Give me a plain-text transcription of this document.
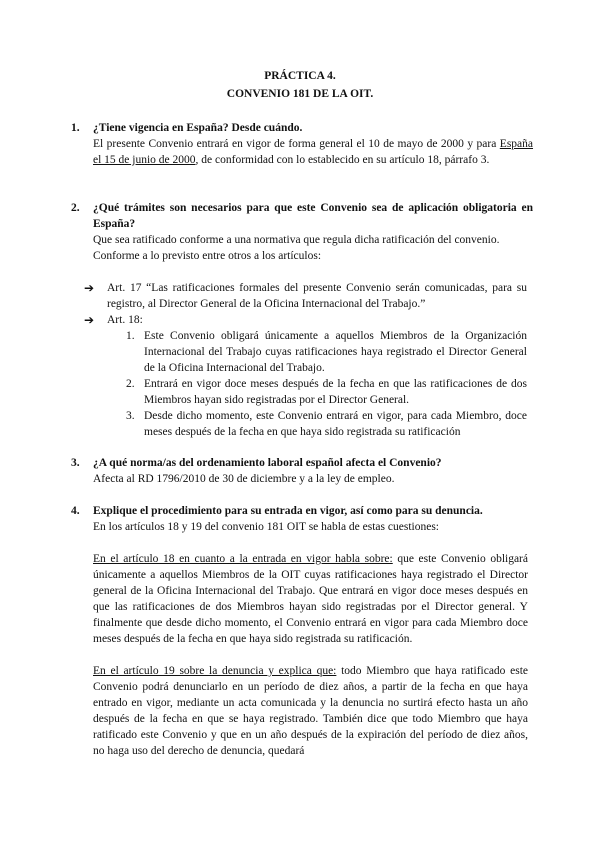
PRÁCTICA 4.
CONVENIO 181 DE LA OIT.
1. ¿Tiene vigencia en España? Desde cuándo.
El presente Convenio entrará en vigor de forma general el 10 de mayo de 2000 y para España el 15 de junio de 2000, de conformidad con lo establecido en su artículo 18, párrafo 3.
2. ¿Qué trámites son necesarios para que este Convenio sea de aplicación obligatoria en España?
Que sea ratificado conforme a una normativa que regula dicha ratificación del convenio.
Conforme a lo previsto entre otros a los artículos:
➔ Art. 17 “Las ratificaciones formales del presente Convenio serán comunicadas, para su registro, al Director General de la Oficina Internacional del Trabajo.”
➔ Art. 18:
1. Este Convenio obligará únicamente a aquellos Miembros de la Organización Internacional del Trabajo cuyas ratificaciones haya registrado el Director General de la Oficina Internacional del Trabajo.
2. Entrará en vigor doce meses después de la fecha en que las ratificaciones de dos Miembros hayan sido registradas por el Director General.
3. Desde dicho momento, este Convenio entrará en vigor, para cada Miembro, doce meses después de la fecha en que haya sido registrada su ratificación
3. ¿A qué norma/as del ordenamiento laboral español afecta el Convenio?
Afecta al RD 1796/2010 de 30 de diciembre y a la ley de empleo.
4. Explique el procedimiento para su entrada en vigor, así como para su denuncia.
En los artículos 18 y 19 del convenio 181 OIT se habla de estas cuestiones:
En el artículo 18 en cuanto a la entrada en vigor habla sobre: que este Convenio obligará únicamente a aquellos Miembros de la OIT cuyas ratificaciones haya registrado el Director general de la Oficina Internacional del Trabajo. Que entrará en vigor doce meses después en que las ratificaciones de dos Miembros hayan sido registradas por el Director general. Y finalmente que desde dicho momento, el Convenio entrará en vigor para cada Miembro doce meses después de la fecha en que haya sido registrada su ratificación.
En el artículo 19 sobre la denuncia y explica que: todo Miembro que haya ratificado este Convenio podrá denunciarlo en un período de diez años, a partir de la fecha en que haya entrado en vigor, mediante un acta comunicada y la denuncia no surtirá efecto hasta un año después de la fecha en que se haya registrado. También dice que todo Miembro que haya ratificado este Convenio y que en un año después de la expiración del período de diez años, no haga uso del derecho de denuncia, quedará
